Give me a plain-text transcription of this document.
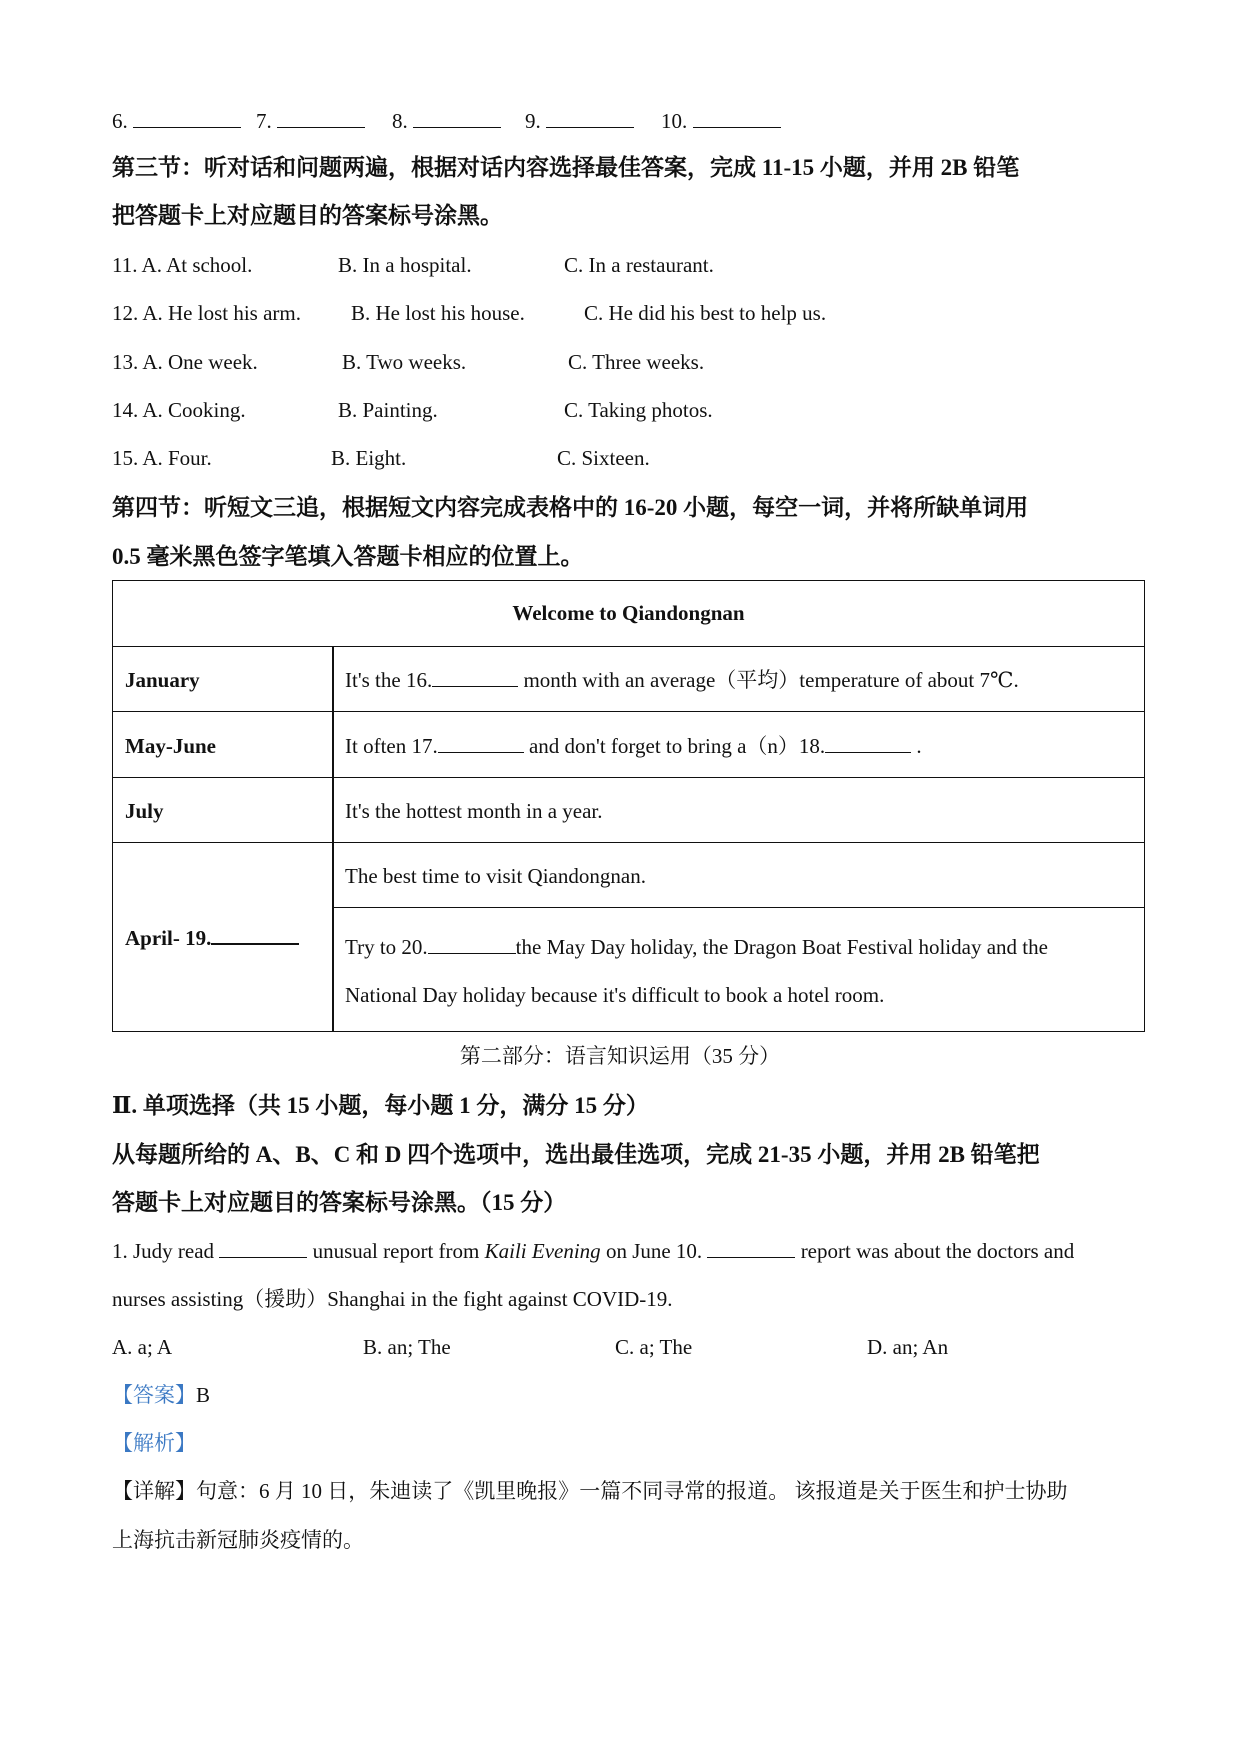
6.	7.	8.	9.	10.
第三节：听对话和问题两遍，根据对话内容选择最佳答案，完成 11-15 小题，并用 2B 铅笔
把答题卡上对应题目的答案标号涂黑。
11. A. At school.	B. In a hospital.	C. In a restaurant.
12. A. He lost his arm. B. He lost his house.	C. He did his best to help us.
13. A. One week.	B. Two weeks.	C. Three weeks.
14. A. Cooking.	B. Painting.	C. Taking photos.
15. A. Four.	B. Eight.	C. Sixteen.
第四节：听短文三追，根据短文内容完成表格中的 16-20 小题，每空一词，并将所缺单词用
0.5 毫米黑色签字笔填入答题卡相应的位置上。
Welcome to Qiandongnan
January	It's the 16.	month with an average（平均）temperature of about 7℃.
May-June	It often 17.	and don't forget to bring a（n）18.	.
July	It's the hottest month in a year.
April- 19.
The best time to visit Qiandongnan.
Try to 20.	the May Day holiday, the Dragon Boat Festival holiday and the
National Day holiday because it's difficult to book a hotel room.
第二部分：语言知识运用（35 分）
Ⅱ. 单项选择（共 15 小题，每小题 1 分，满分 15 分）
从每题所给的 A、B、C 和 D 四个选项中，选出最佳选项，完成 21-35 小题，并用 2B 铅笔把
答题卡上对应题目的答案标号涂黑。（15 分）
1. Judy read	unusual report from Kaili Evening on June 10.	report was about the doctors and
nurses assisting（援助）Shanghai in the fight against COVID-19.
A. a; A	B. an; The	C. a; The	D. an; An
【答案】B
【解析】
【详解】句意：6 月 10 日，朱迪读了《凯里晚报》一篇不同寻常的报道。 该报道是关于医生和护士协助
上海抗击新冠肺炎疫情的。
